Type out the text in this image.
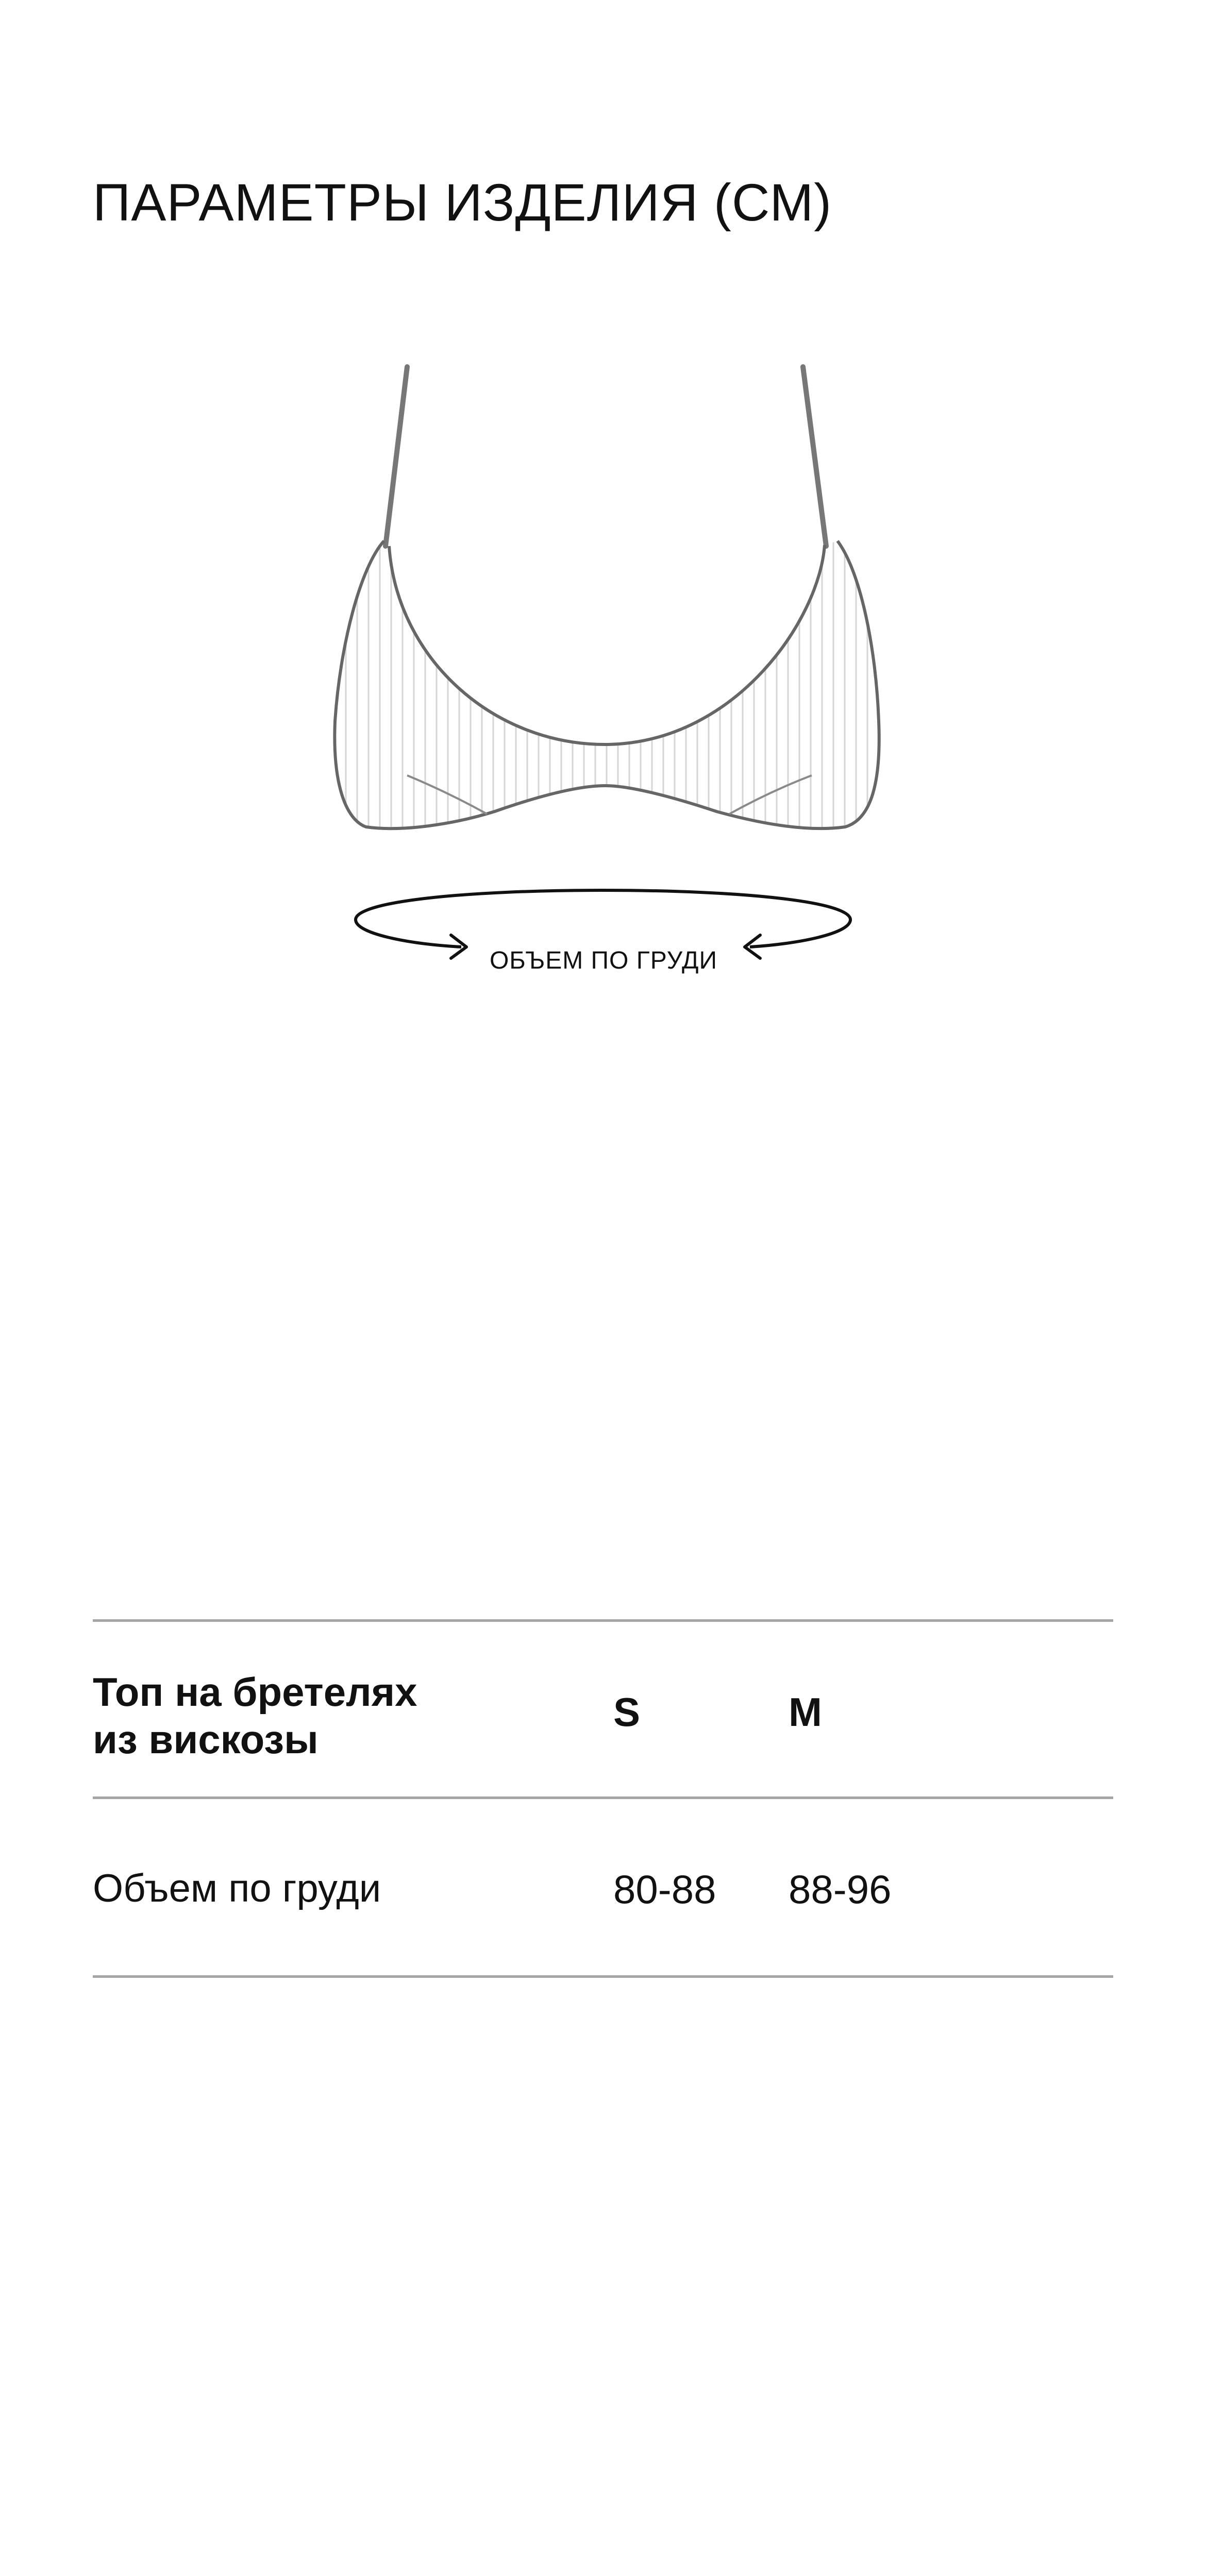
ПАРАМЕТРЫ ИЗДЕЛИЯ (СМ)
ОБЪЕМ ПО ГРУДИ
Топ на бретелях
из вискозы
S	M
Объем по груди	80-88 88-96
